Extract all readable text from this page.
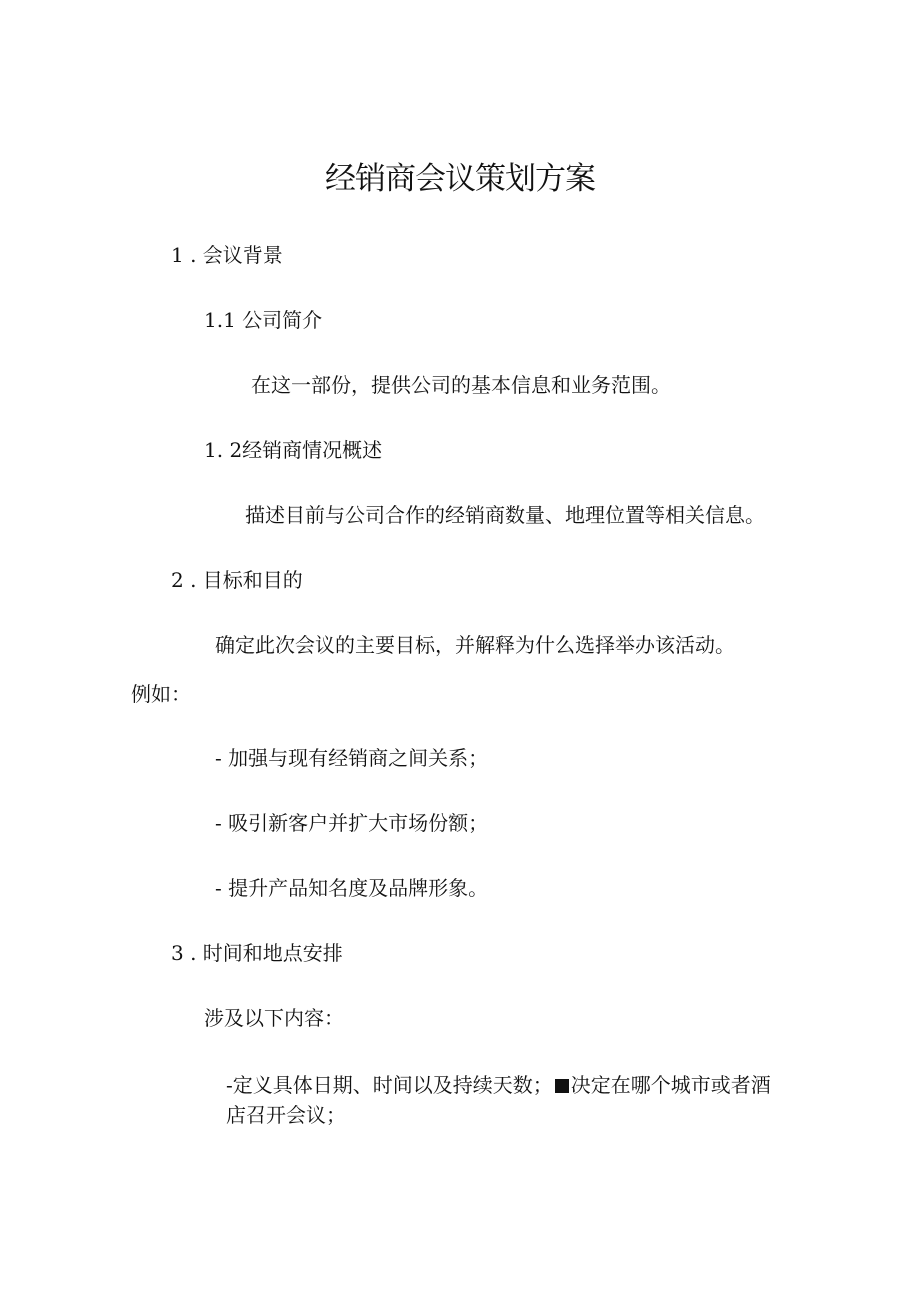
经销商会议策划方案
1 . 会议背景
1.1 公司简介
在这一部份，提供公司的基本信息和业务范围。
1. 2经销商情况概述
描述目前与公司合作的经销商数量、地理位置等相关信息。
2 . 目标和目的
确定此次会议的主要目标，并解释为什么选择举办该活动。
例如：
- 加强与现有经销商之间关系；
- 吸引新客户并扩大市场份额；
- 提升产品知名度及品牌形象。
3 . 时间和地点安排
涉及以下内容：
-定义具体日期、时间以及持续天数； 决定在哪个城市或者酒店召开会议；
